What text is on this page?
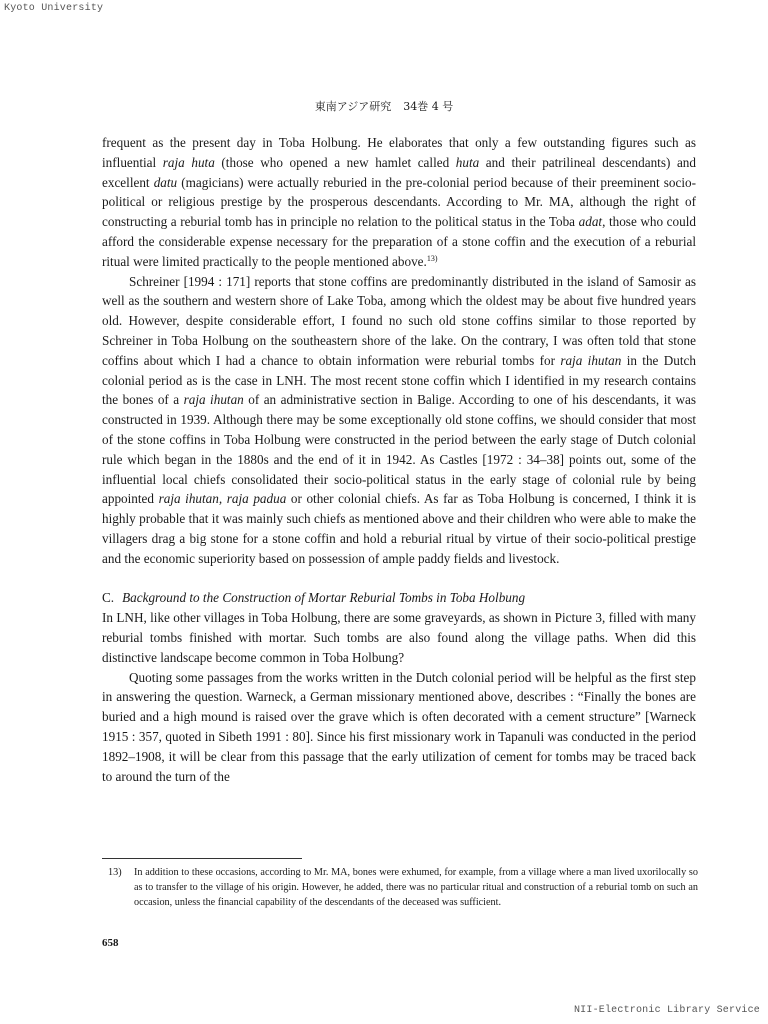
Kyoto University
東南アジア研究 34巻 4 号

frequent as the present day in Toba Holbung. He elaborates that only a few outstanding figures such as influential raja huta (those who opened a new hamlet called huta and their patrilineal descendants) and excellent datu (magicians) were actually reburied in the pre-colonial period because of their preeminent socio-political or religious prestige by the prosperous descendants. According to Mr. MA, although the right of constructing a reburial tomb has in principle no relation to the political status in the Toba adat, those who could afford the considerable expense necessary for the preparation of a stone coffin and the execution of a reburial ritual were limited practically to the people mentioned above.$^{13)}$

Schreiner [1994 : 171] reports that stone coffins are predominantly distributed in the island of Samosir as well as the southern and western shore of Lake Toba, among which the oldest may be about five hundred years old. However, despite considerable effort, I found no such old stone coffins similar to those reported by Schreiner in Toba Holbung on the southeastern shore of the lake. On the contrary, I was often told that stone coffins about which I had a chance to obtain information were reburial tombs for raja ihutan in the Dutch colonial period as is the case in LNH. The most recent stone coffin which I identified in my research contains the bones of a raja ihutan of an administrative section in Balige. According to one of his descendants, it was constructed in 1939. Although there may be some exceptionally old stone coffins, we should consider that most of the stone coffins in Toba Holbung were constructed in the period between the early stage of Dutch colonial rule which began in the 1880s and the end of it in 1942. As Castles [1972 : 34–38] points out, some of the influential local chiefs consolidated their socio-political status in the early stage of colonial rule by being appointed raja ihutan, raja padua or other colonial chiefs. As far as Toba Holbung is concerned, I think it is highly probable that it was mainly such chiefs as mentioned above and their children who were able to make the villagers drag a big stone for a stone coffin and hold a reburial ritual by virtue of their socio-political prestige and the economic superiority based on possession of ample paddy fields and livestock.

C. Background to the Construction of Mortar Reburial Tombs in Toba Holbung

In LNH, like other villages in Toba Holbung, there are some graveyards, as shown in Picture 3, filled with many reburial tombs finished with mortar. Such tombs are also found along the village paths. When did this distinctive landscape become common in Toba Holbung?

Quoting some passages from the works written in the Dutch colonial period will be helpful as the first step in answering the question. Warneck, a German missionary mentioned above, describes : “Finally the bones are buried and a high mound is raised over the grave which is often decorated with a cement structure” [Warneck 1915 : 357, quoted in Sibeth 1991 : 80]. Since his first missionary work in Tapanuli was conducted in the period 1892–1908, it will be clear from this passage that the early utilization of cement for tombs may be traced back to around the turn of the

13) In addition to these occasions, according to Mr. MA, bones were exhumed, for example, from a village where a man lived uxorilocally so as to transfer to the village of his origin. However, he added, there was no particular ritual and construction of a reburial tomb on such an occasion, unless the financial capability of the descendants of the deceased was sufficient.
658
NII-Electronic Library Service
